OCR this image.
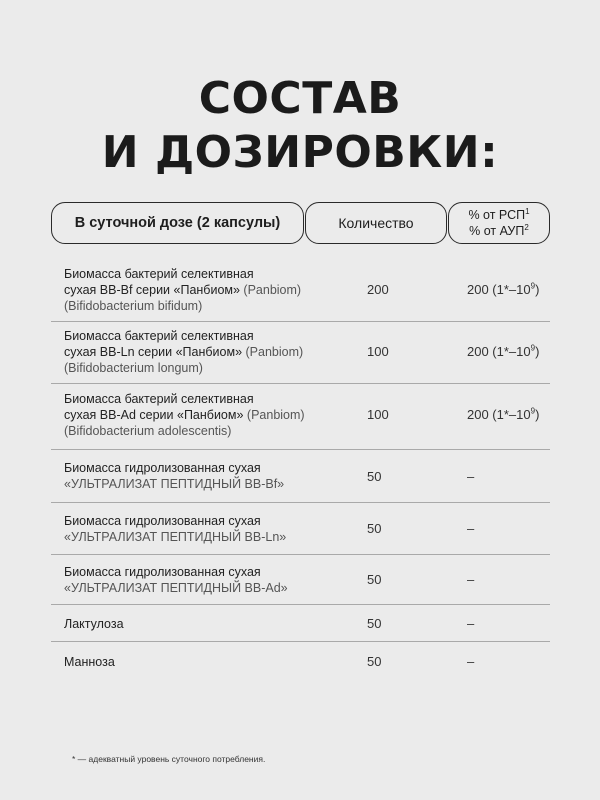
СОСТАВ
И ДОЗИРОВКИ:
В суточной дозе (2 капсулы)	Количество	% от РСП$^1$
% от АУП$^2$
Биомасса бактерий селективная
сухая ВВ-Bf серии «Панбиом» (Panbiom)
(Bifidobacterium bifidum)
200	200 $(1*-10^9)$
Биомасса бактерий селективная
сухая ВВ-Ln серии «Панбиом» (Panbiom)
(Bifidobacterium longum)
100	200 $(1*-10^9)$
Биомасса бактерий селективная
сухая ВВ-Ad серии «Панбиом» (Panbiom)
(Bifidobacterium adolescentis)
100	200 $(1*-10^9)$
Биомасса гидролизованная сухая
«УЛЬТРАЛИЗАТ ПЕПТИДНЫЙ ВВ-Bf»	50	–
Биомасса гидролизованная сухая
«УЛЬТРАЛИЗАТ ПЕПТИДНЫЙ ВВ-Ln»
50	–
Биомасса гидролизованная сухая
«УЛЬТРАЛИЗАТ ПЕПТИДНЫЙ ВВ-Ad»
50	–
Лактулоза	50	–
Манноза	50	–
* — адекватный уровень суточного потребления.
